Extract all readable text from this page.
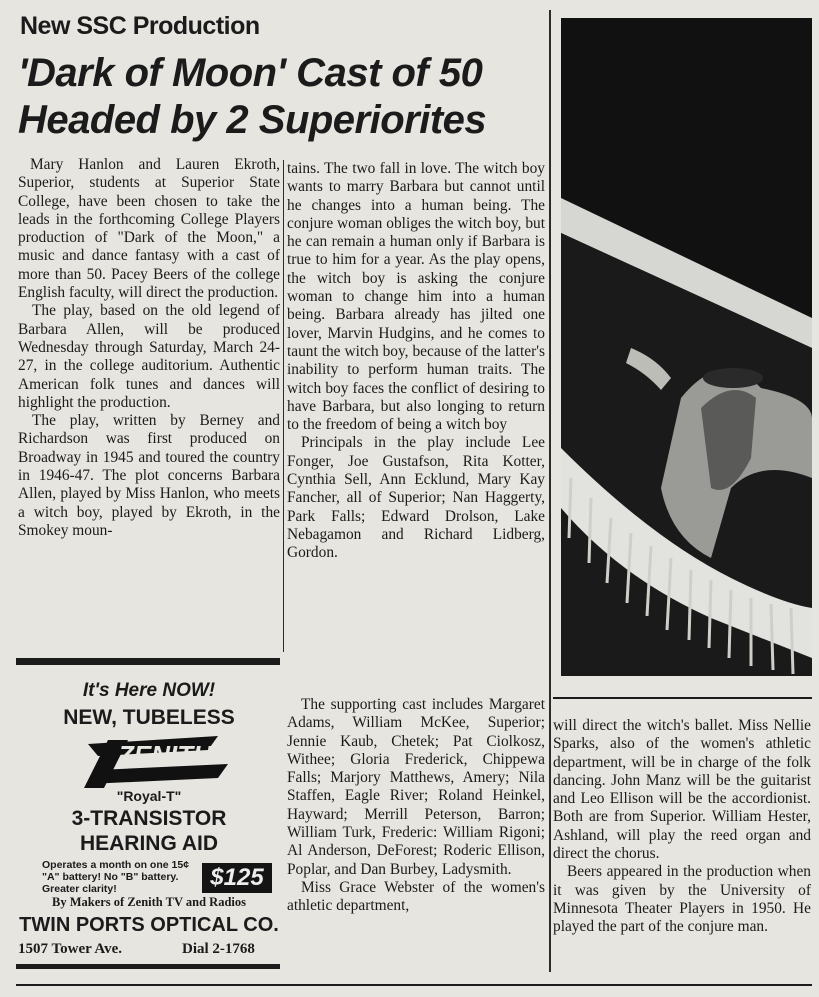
New SSC Production
'Dark of Moon' Cast of 50 Headed by 2 Superiorites

Mary Hanlon and Lauren Ekroth, Superior, students at Superior State College, have been chosen to take the leads in the forthcoming College Players production of "Dark of the Moon," a music and dance fantasy with a cast of more than 50. Pacey Beers of the college English faculty, will direct the production.

The play, based on the old legend of Barbara Allen, will be produced Wednesday through Saturday, March 24-27, in the college auditorium. Authentic American folk tunes and dances will highlight the production.

The play, written by Berney and Richardson was first produced on Broadway in 1945 and toured the country in 1946-47. The plot concerns Barbara Allen, played by Miss Hanlon, who meets a witch boy, played by Ekroth, in the Smokey moun-

tains. The two fall in love. The witch boy wants to marry Barbara but cannot until he changes into a human being. The conjure woman obliges the witch boy, but he can remain a human only if Barbara is true to him for a year. As the play opens, the witch boy is asking the conjure woman to change him into a human being. Barbara already has jilted one lover, Marvin Hudgins, and he comes to taunt the witch boy, because of the latter's inability to perform human traits. The witch boy faces the conflict of desiring to have Barbara, but also longing to return to the freedom of being a witch boy

Principals in the play include Lee Fonger, Joe Gustafson, Rita Kotter, Cynthia Sell, Ann Ecklund, Mary Kay Fancher, all of Superior; Nan Haggerty, Park Falls; Edward Drolson, Lake Nebagamon and Richard Lidberg, Gordon.

The supporting cast includes Margaret Adams, William McKee, Superior; Jennie Kaub, Chetek; Pat Ciolkosz, Withee; Gloria Frederick, Chippewa Falls; Marjory Matthews, Amery; Nila Staffen, Eagle River; Roland Heinkel, Hayward; Merrill Peterson, Barron; William Turk, Frederic: William Rigoni; Al Anderson, DeForest; Roderic Ellison, Poplar, and Dan Burbey, Ladysmith.

Miss Grace Webster of the women's athletic department,

will direct the witch's ballet. Miss Nellie Sparks, also of the women's athletic department, will be in charge of the folk dancing. John Manz will be the guitarist and Leo Ellison will be the accordionist. Both are from Superior. William Hester, Ashland, will play the reed organ and direct the chorus.

Beers appeared in the production when it was given by the University of Minnesota Theater Players in 1950. He played the part of the conjure man.

It's Here NOW!
NEW, TUBELESS
ZENITH
"Royal-T"
3-TRANSISTOR
HEARING AID
Operates a month on one 15¢ "A" battery! No "B" battery. Greater clarity!	$125
By Makers of Zenith TV and Radios
TWIN PORTS OPTICAL CO.
1507 Tower Ave.	Dial 2-1768
